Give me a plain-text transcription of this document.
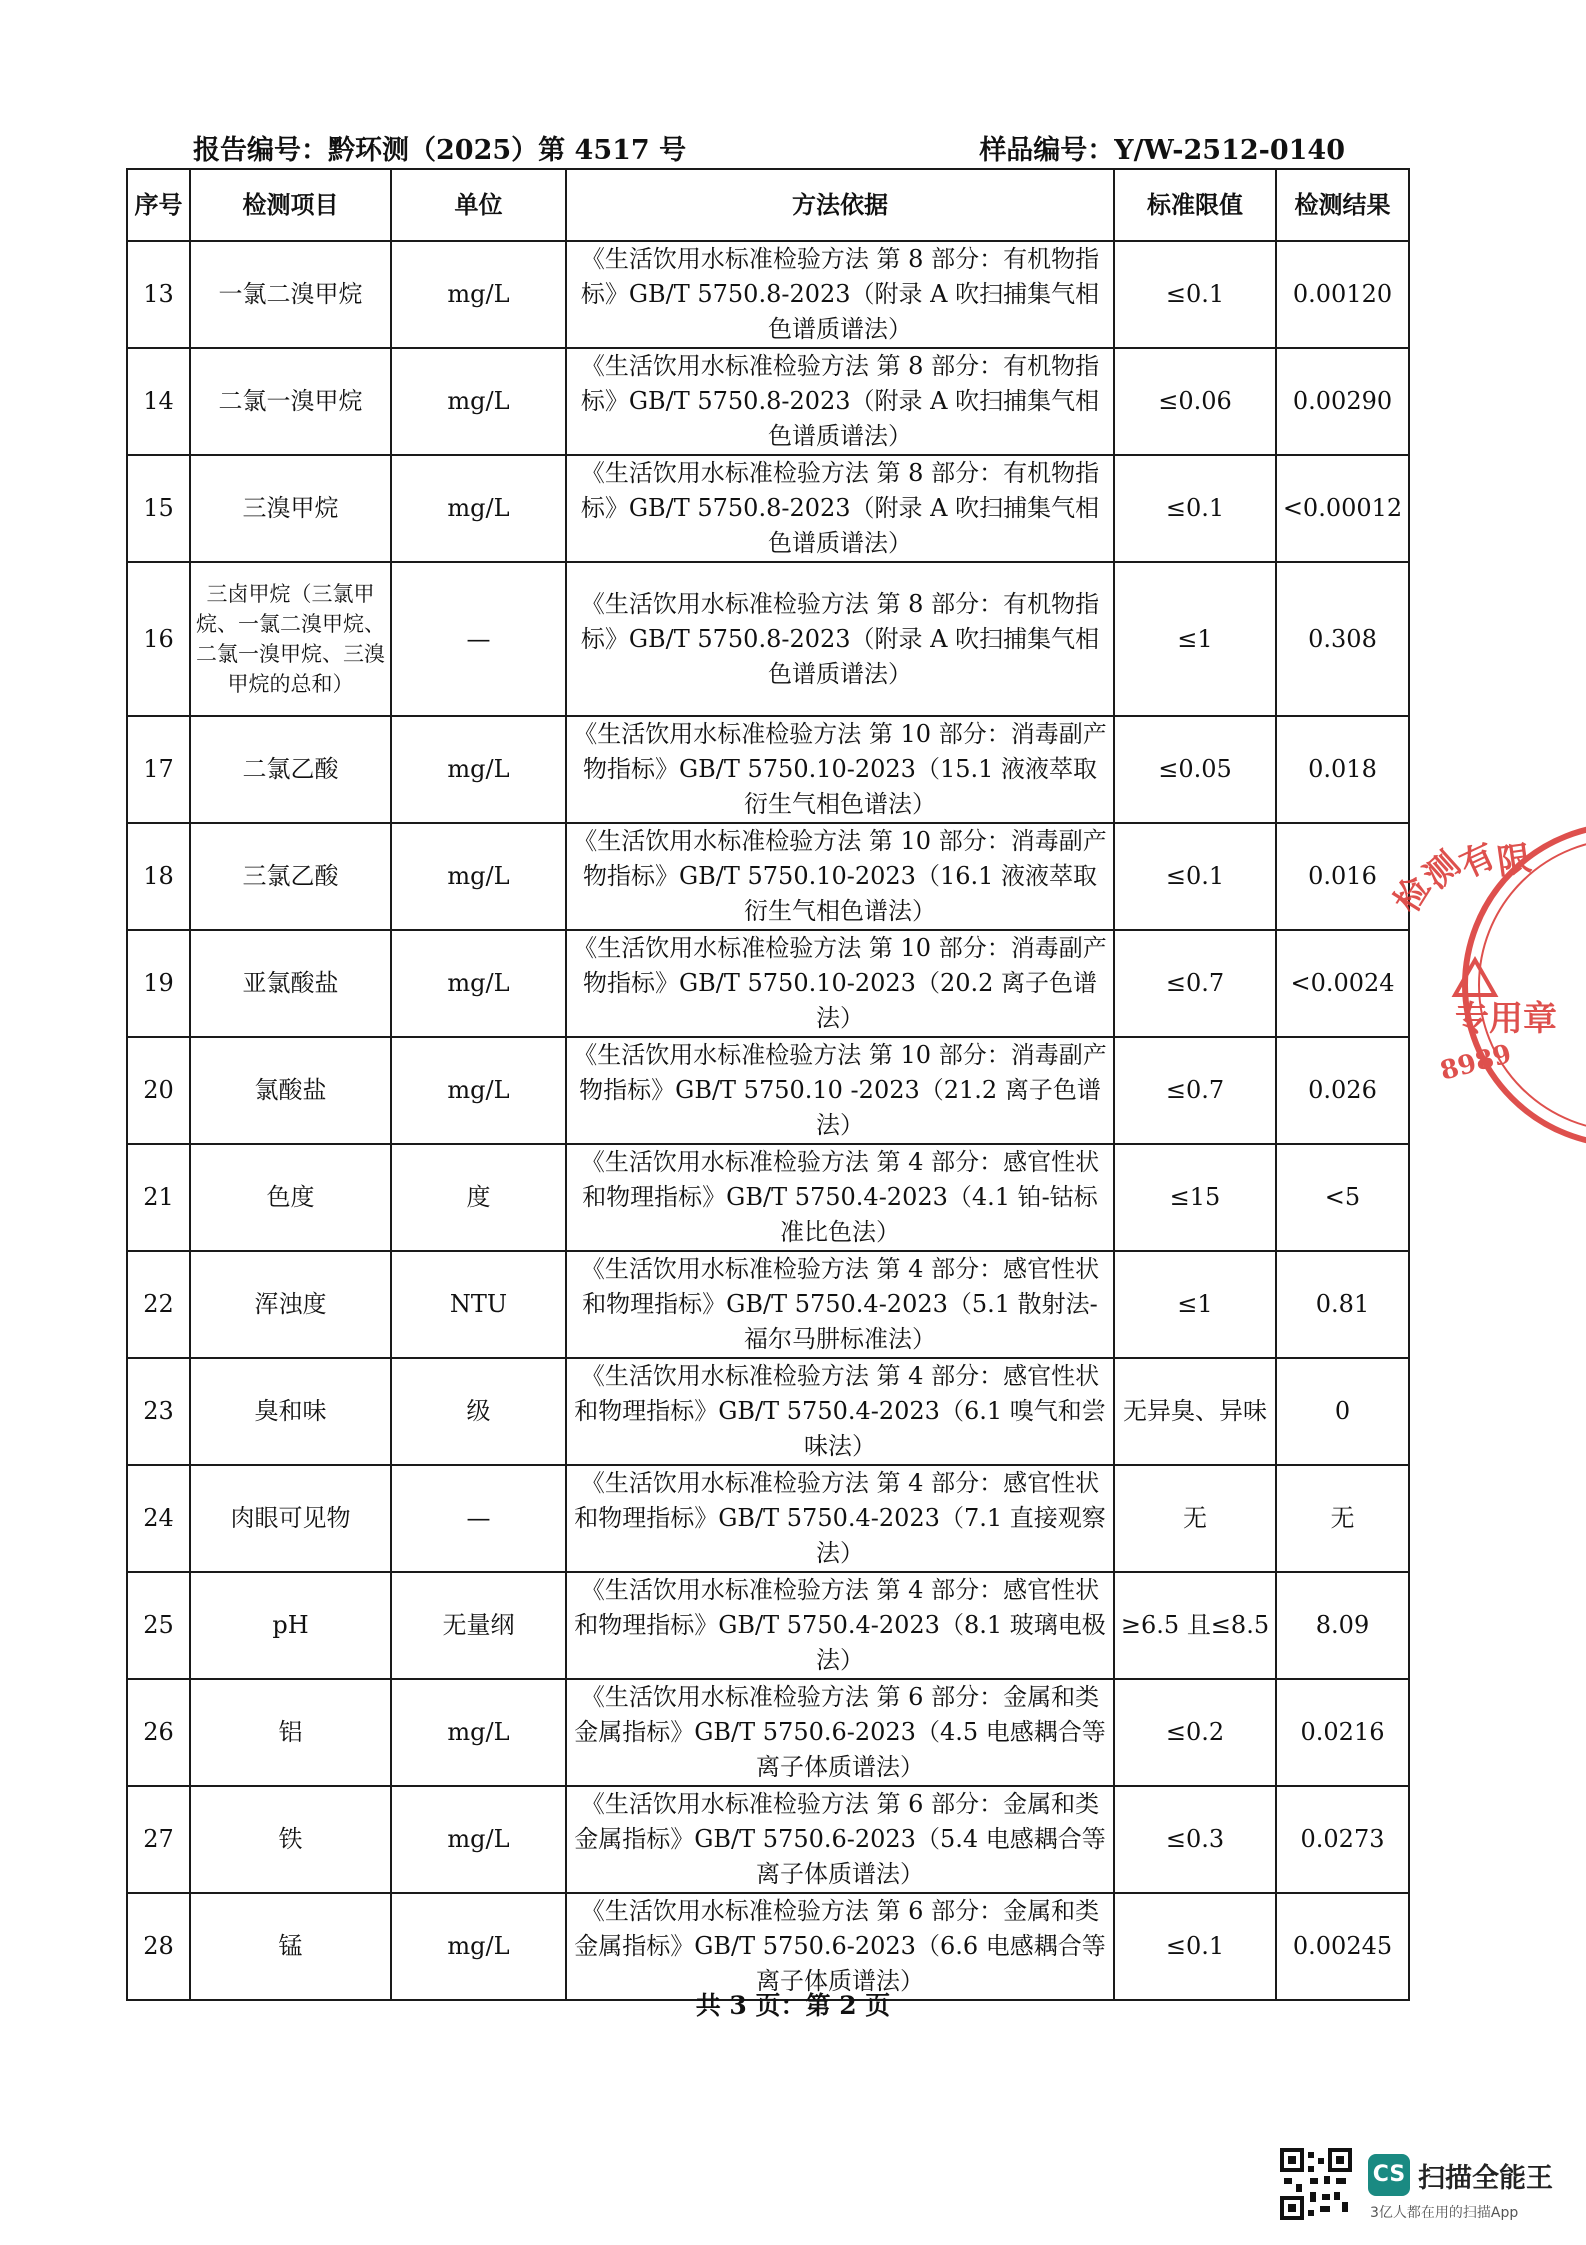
报告编号：黔环测（2025）第 4517 号	样品编号：Y/W-2512-0140
序号	检测项目	单位	方法依据	标准限值	检测结果
13	一氯二溴甲烷	mg/L	《生活饮用水标准检验方法 第 8 部分：有机物指标》GB/T 5750.8-2023（附录 A 吹扫捕集气相色谱质谱法）	≤0.1	0.00120
14	二氯一溴甲烷	mg/L	《生活饮用水标准检验方法 第 8 部分：有机物指标》GB/T 5750.8-2023（附录 A 吹扫捕集气相色谱质谱法）	≤0.06	0.00290
15	三溴甲烷	mg/L	《生活饮用水标准检验方法 第 8 部分：有机物指标》GB/T 5750.8-2023（附录 A 吹扫捕集气相色谱质谱法）	≤0.1	<0.00012
16	三卤甲烷（三氯甲烷、一氯二溴甲烷、二氯一溴甲烷、三溴甲烷的总和）	—	《生活饮用水标准检验方法 第 8 部分：有机物指标》GB/T 5750.8-2023（附录 A 吹扫捕集气相色谱质谱法）	≤1	0.308
17	二氯乙酸	mg/L	《生活饮用水标准检验方法 第 10 部分：消毒副产物指标》GB/T 5750.10-2023（15.1 液液萃取衍生气相色谱法）	≤0.05	0.018
18	三氯乙酸	mg/L	《生活饮用水标准检验方法 第 10 部分：消毒副产物指标》GB/T 5750.10-2023（16.1 液液萃取衍生气相色谱法）	≤0.1	0.016
19	亚氯酸盐	mg/L	《生活饮用水标准检验方法 第 10 部分：消毒副产物指标》GB/T 5750.10-2023（20.2 离子色谱法）	≤0.7	<0.0024
20	氯酸盐	mg/L	《生活饮用水标准检验方法 第 10 部分：消毒副产物指标》GB/T 5750.10 -2023（21.2 离子色谱法）	≤0.7	0.026
21	色度	度	《生活饮用水标准检验方法 第 4 部分：感官性状和物理指标》GB/T 5750.4-2023（4.1 铂-钴标准比色法）	≤15	<5
22	浑浊度	NTU	《生活饮用水标准检验方法 第 4 部分：感官性状和物理指标》GB/T 5750.4-2023（5.1 散射法-福尔马肼标准法）	≤1	0.81
23	臭和味	级	《生活饮用水标准检验方法 第 4 部分：感官性状和物理指标》GB/T 5750.4-2023（6.1 嗅气和尝味法）	无异臭、异味	0
24	肉眼可见物	—	《生活饮用水标准检验方法 第 4 部分：感官性状和物理指标》GB/T 5750.4-2023（7.1 直接观察法）	无	无
25	pH	无量纲	《生活饮用水标准检验方法 第 4 部分：感官性状和物理指标》GB/T 5750.4-2023（8.1 玻璃电极法）	≥6.5 且≤8.5	8.09
26	铝	mg/L	《生活饮用水标准检验方法 第 6 部分：金属和类金属指标》GB/T 5750.6-2023（4.5 电感耦合等离子体质谱法）	≤0.2	0.0216
27	铁	mg/L	《生活饮用水标准检验方法 第 6 部分：金属和类金属指标》GB/T 5750.6-2023（5.4 电感耦合等离子体质谱法）	≤0.3	0.0273
28	锰	mg/L	《生活饮用水标准检验方法 第 6 部分：金属和类金属指标》GB/T 5750.6-2023（6.6 电感耦合等离子体质谱法）	≤0.1	0.00245
共 3 页：第 2 页
检
测
有
限
专用章
8989
CS 扫描全能王
3亿人都在用的扫描App
